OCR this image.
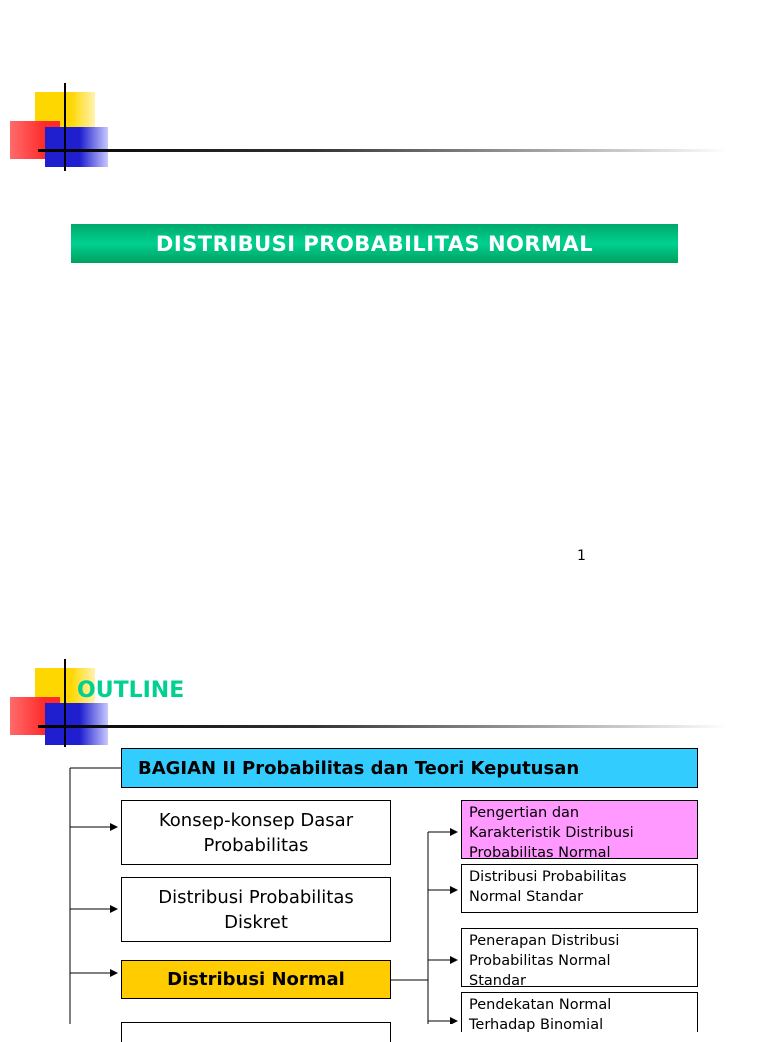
DISTRIBUSI PROBABILITAS NORMAL
1
OUTLINE
BAGIAN II Probabilitas dan Teori Keputusan
Konsep-konsep Dasar
Probabilitas
Distribusi Probabilitas
Diskret
Distribusi Normal
Pengertian dan
Karakteristik Distribusi
Probabilitas Normal
Distribusi Probabilitas
Normal Standar
Penerapan Distribusi
Probabilitas Normal
Standar
Pendekatan Normal
Terhadap Binomial
